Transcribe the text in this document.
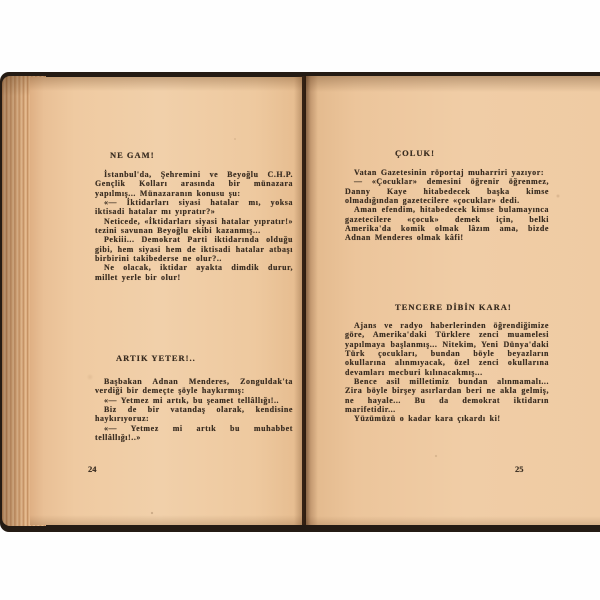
NE GAM!

İstanbul'da, Şehremini ve Beyoğlu C.H.P. Gençlik Kolları arasında bir münazara yapılmış... Münazaranın konusu şu:

«— İktidarları siyasi hatalar mı, yoksa iktisadi hatalar mı yıpratır?»

Neticede, «İktidarları siyasi hatalar yıpratır!» tezini savunan Beyoğlu ekibi kazanmış...

Pekiii... Demokrat Parti iktidarında olduğu gibi, hem siyasi hem de iktisadi hatalar atbaşı birbirini takibederse ne olur?..

Ne olacak, iktidar ayakta dimdik durur, millet yerle bir olur!

ARTIK YETER!..

Başbakan Adnan Menderes, Zonguldak'ta verdiği bir demeçte şöyle haykırmış:

«— Yetmez mi artık, bu şeamet tellâllığı!..

Biz de bir vatandaş olarak, kendisine haykırıyoruz:

«— Yetmez mi artık bu muhabbet tellâllığı!..»

24

ÇOLUK!

Vatan Gazetesinin röportaj muharriri yazıyor:

— «Çocuklar» demesini öğrenir öğrenmez, Danny Kaye hitabedecek başka kimse olmadığından gazetecilere «çocuklar» dedi.

Aman efendim, hitabedecek kimse bulamayınca gazetecilere «çocuk» demek için, belki Amerika'da komik olmak lâzım ama, bizde Adnan Menderes olmak kâfi!

TENCERE DİBİN KARA!

Ajans ve radyo haberlerinden öğrendiğimize göre, Amerika'daki Türklere zenci muamelesi yapılmaya başlanmış... Nitekim, Yeni Dünya'daki Türk çocukları, bundan böyle beyazların okullarına alınmıyacak, özel zenci okullarına devamları mecburi kılınacakmış...

Bence asil milletimiz bundan alınmamalı... Zira böyle birşey asırlardan beri ne akla gelmiş, ne hayale... Bu da demokrat iktidarın marifetidir...

Yüzümüzü o kadar kara çıkardı ki!

25
